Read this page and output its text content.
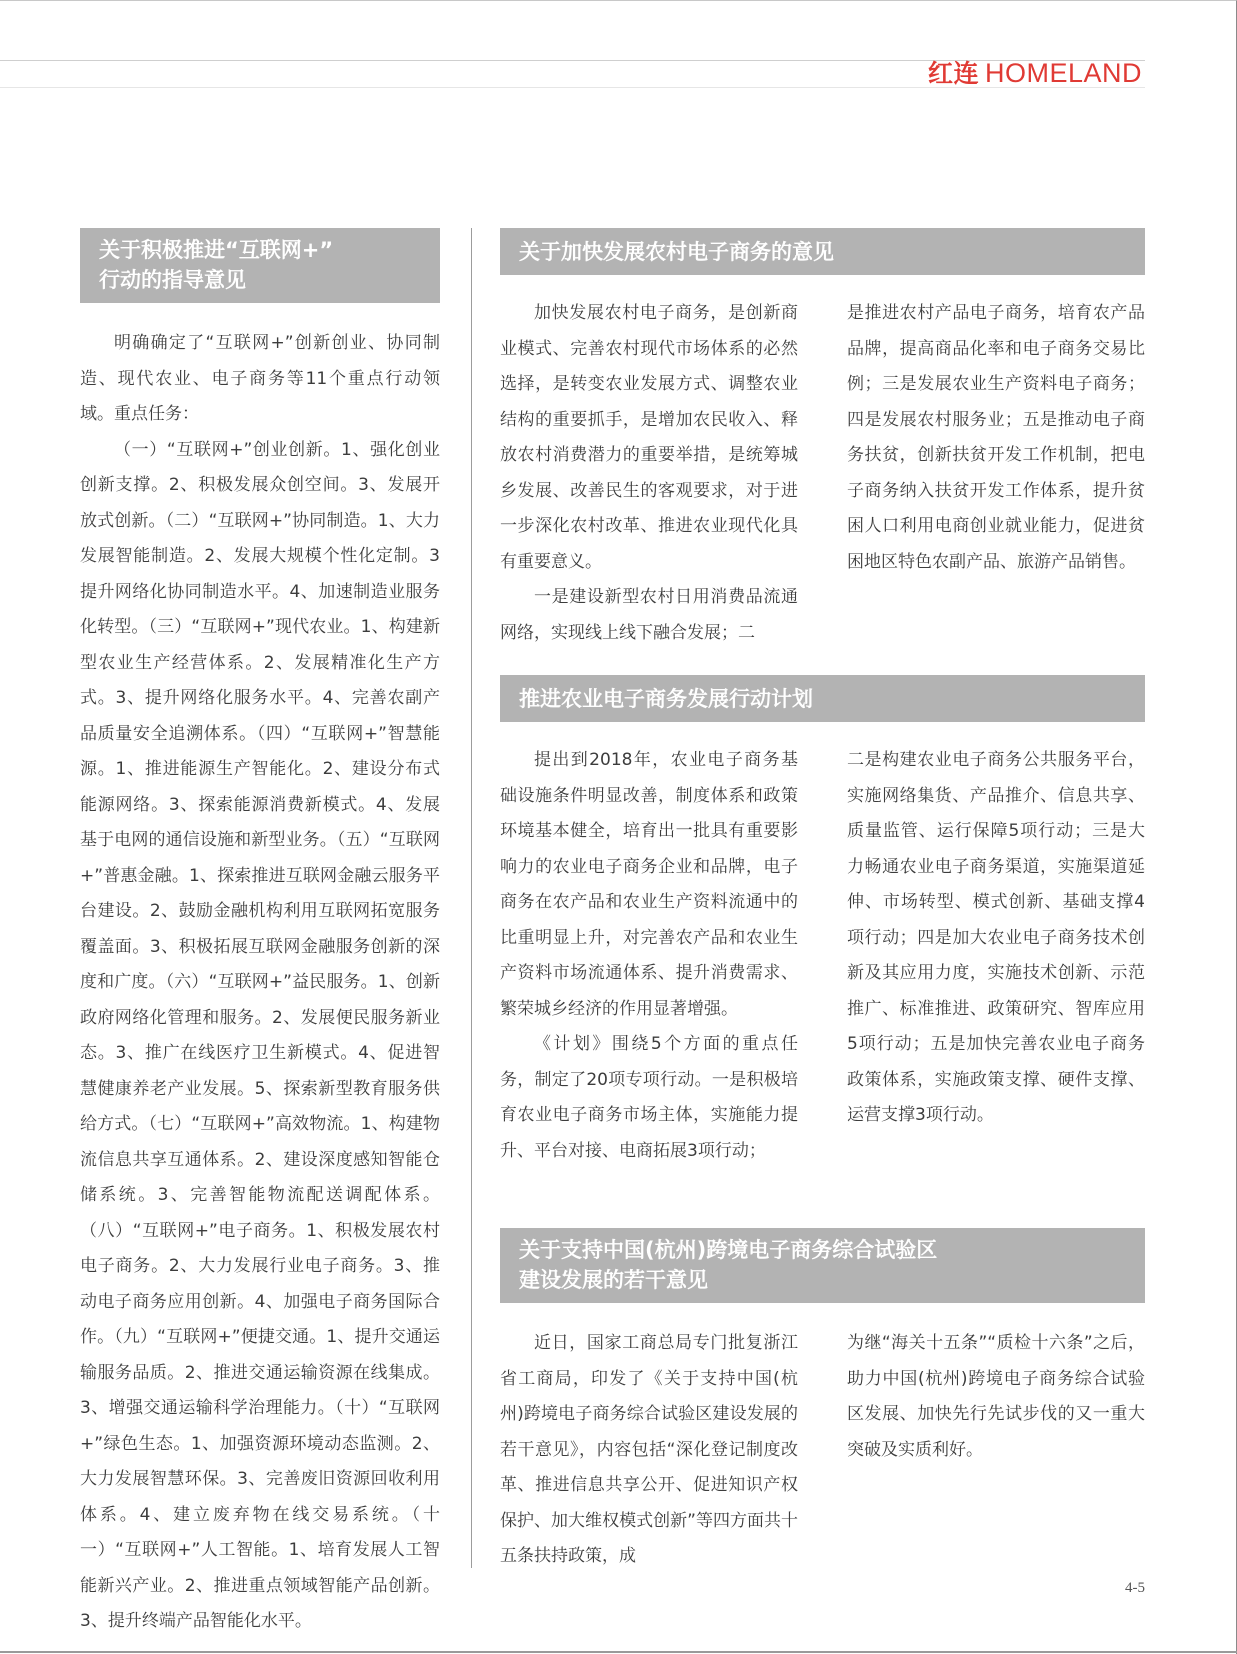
红连 HOMELAND
关于积极推进“互联网+”
行动的指导意见

明确确定了“互联网+”创新创业、协同制造、现代农业、电子商务等11个重点行动领域。重点任务：

（一）“互联网+”创业创新。1、强化创业创新支撑。2、积极发展众创空间。3、发展开放式创新。（二）“互联网+”协同制造。1、大力发展智能制造。2、发展大规模个性化定制。3提升网络化协同制造水平。4、加速制造业服务化转型。（三）“互联网+”现代农业。1、构建新型农业生产经营体系。2、发展精准化生产方式。3、提升网络化服务水平。4、完善农副产品质量安全追溯体系。（四）“互联网+”智慧能源。1、推进能源生产智能化。2、建设分布式能源网络。3、探索能源消费新模式。4、发展基于电网的通信设施和新型业务。（五）“互联网+”普惠金融。1、探索推进互联网金融云服务平台建设。2、鼓励金融机构利用互联网拓宽服务覆盖面。3、积极拓展互联网金融服务创新的深度和广度。（六）“互联网+”益民服务。1、创新政府网络化管理和服务。2、发展便民服务新业态。3、推广在线医疗卫生新模式。4、促进智慧健康养老产业发展。5、探索新型教育服务供给方式。（七）“互联网+”高效物流。1、构建物流信息共享互通体系。2、建设深度感知智能仓储系统。3、完善智能物流配送调配体系。（八）“互联网+”电子商务。1、积极发展农村电子商务。2、大力发展行业电子商务。3、推动电子商务应用创新。4、加强电子商务国际合作。（九）“互联网+”便捷交通。1、提升交通运输服务品质。2、推进交通运输资源在线集成。3、增强交通运输科学治理能力。（十）“互联网+”绿色生态。1、加强资源环境动态监测。2、大力发展智慧环保。3、完善废旧资源回收利用体系。4、建立废弃物在线交易系统。（十一）“互联网+”人工智能。1、培育发展人工智能新兴产业。2、推进重点领域智能产品创新。3、提升终端产品智能化水平。

关于加快发展农村电子商务的意见

加快发展农村电子商务，是创新商业模式、完善农村现代市场体系的必然选择，是转变农业发展方式、调整农业结构的重要抓手，是增加农民收入、释放农村消费潜力的重要举措，是统筹城乡发展、改善民生的客观要求，对于进一步深化农村改革、推进农业现代化具有重要意义。

一是建设新型农村日用消费品流通网络，实现线上线下融合发展；二

是推进农村产品电子商务，培育农产品品牌，提高商品化率和电子商务交易比例；三是发展农业生产资料电子商务；四是发展农村服务业；五是推动电子商务扶贫，创新扶贫开发工作机制，把电子商务纳入扶贫开发工作体系，提升贫困人口利用电商创业就业能力，促进贫困地区特色农副产品、旅游产品销售。

推进农业电子商务发展行动计划

提出到2018年，农业电子商务基础设施条件明显改善，制度体系和政策环境基本健全，培育出一批具有重要影响力的农业电子商务企业和品牌，电子商务在农产品和农业生产资料流通中的比重明显上升，对完善农产品和农业生产资料市场流通体系、提升消费需求、繁荣城乡经济的作用显著增强。

《计划》围绕5个方面的重点任务，制定了20项专项行动。一是积极培育农业电子商务市场主体，实施能力提升、平台对接、电商拓展3项行动；

二是构建农业电子商务公共服务平台，实施网络集货、产品推介、信息共享、质量监管、运行保障5项行动；三是大力畅通农业电子商务渠道，实施渠道延伸、市场转型、模式创新、基础支撑4项行动；四是加大农业电子商务技术创新及其应用力度，实施技术创新、示范推广、标准推进、政策研究、智库应用5项行动；五是加快完善农业电子商务政策体系，实施政策支撑、硬件支撑、运营支撑3项行动。

关于支持中国(杭州)跨境电子商务综合试验区
建设发展的若干意见

近日，国家工商总局专门批复浙江省工商局，印发了《关于支持中国(杭州)跨境电子商务综合试验区建设发展的若干意见》，内容包括“深化登记制度改革、推进信息共享公开、促进知识产权保护、加大维权模式创新”等四方面共十五条扶持政策，成

为继“海关十五条”“质检十六条”之后，助力中国(杭州)跨境电子商务综合试验区发展、加快先行先试步伐的又一重大突破及实质利好。

4-5
